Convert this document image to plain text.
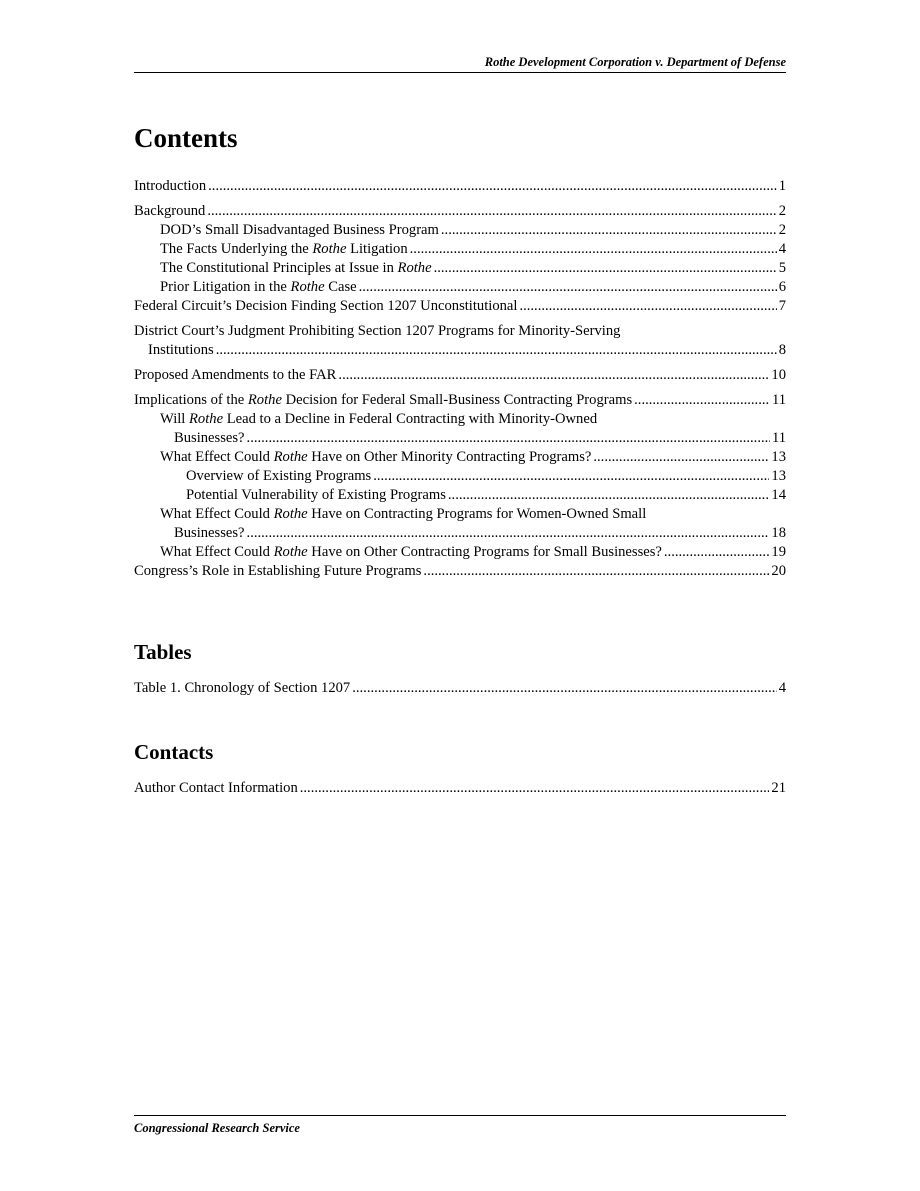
Rothe Development Corporation v. Department of Defense
Contents
Introduction .....	1
Background .....	2
DOD’s Small Disadvantaged Business Program .....	2
The Facts Underlying the Rothe Litigation .....	4
The Constitutional Principles at Issue in Rothe .....	5
Prior Litigation in the Rothe Case .....	6
Federal Circuit’s Decision Finding Section 1207 Unconstitutional .....	7
District Court’s Judgment Prohibiting Section 1207 Programs for Minority-Serving
Institutions .....	8
Proposed Amendments to the FAR .....	10
Implications of the Rothe Decision for Federal Small-Business Contracting Programs .....	11
Will Rothe Lead to a Decline in Federal Contracting with Minority-Owned
Businesses? .....	11
What Effect Could Rothe Have on Other Minority Contracting Programs? .....	13
Overview of Existing Programs .....	13
Potential Vulnerability of Existing Programs .....	14
What Effect Could Rothe Have on Contracting Programs for Women-Owned Small
Businesses? .....	18
What Effect Could Rothe Have on Other Contracting Programs for Small Businesses? .....	19
Congress’s Role in Establishing Future Programs .....	20
Tables
Table 1. Chronology of Section 1207 .....	4
Contacts
Author Contact Information .....	21
Congressional Research Service
